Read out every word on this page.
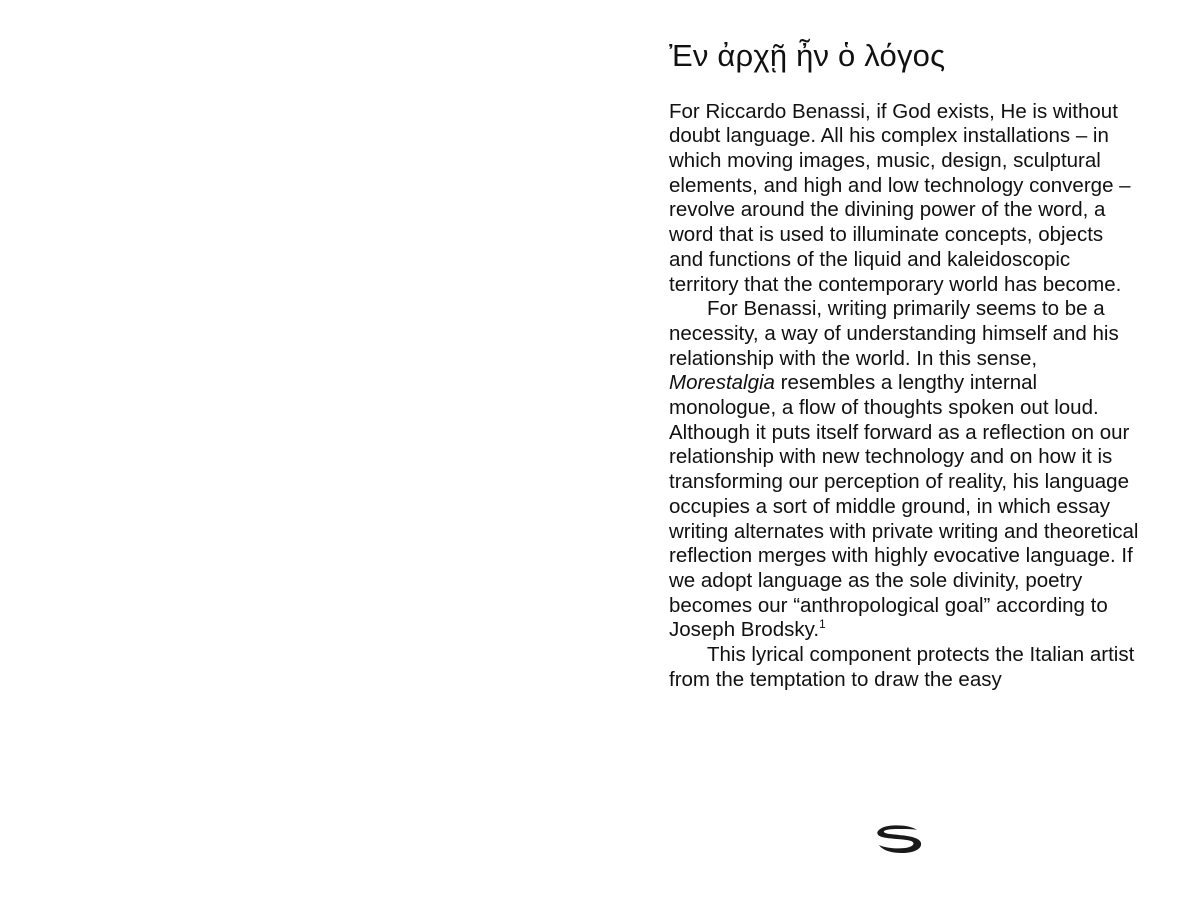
Ἐν ἀρχῇ ἦν ὁ λόγος

For Riccardo Benassi, if God exists, He is without doubt language. All his complex installations – in which moving images, music, design, sculptural elements, and high and low technology converge – revolve around the divining power of the word, a word that is used to illuminate concepts, objects and functions of the liquid and kaleidoscopic territory that the contemporary world has become.

For Benassi, writing primarily seems to be a necessity, a way of understanding himself and his relationship with the world. In this sense, Morestalgia resembles a lengthy internal monologue, a flow of thoughts spoken out loud. Although it puts itself forward as a reflection on our relationship with new technology and on how it is transforming our perception of reality, his language occupies a sort of middle ground, in which essay writing alternates with private writing and theoretical reflection merges with highly evocative language. If we adopt language as the sole divinity, poetry becomes our “anthropological goal” according to Joseph Brodsky.$^1$

This lyrical component protects the Italian artist from the temptation to draw the easy
